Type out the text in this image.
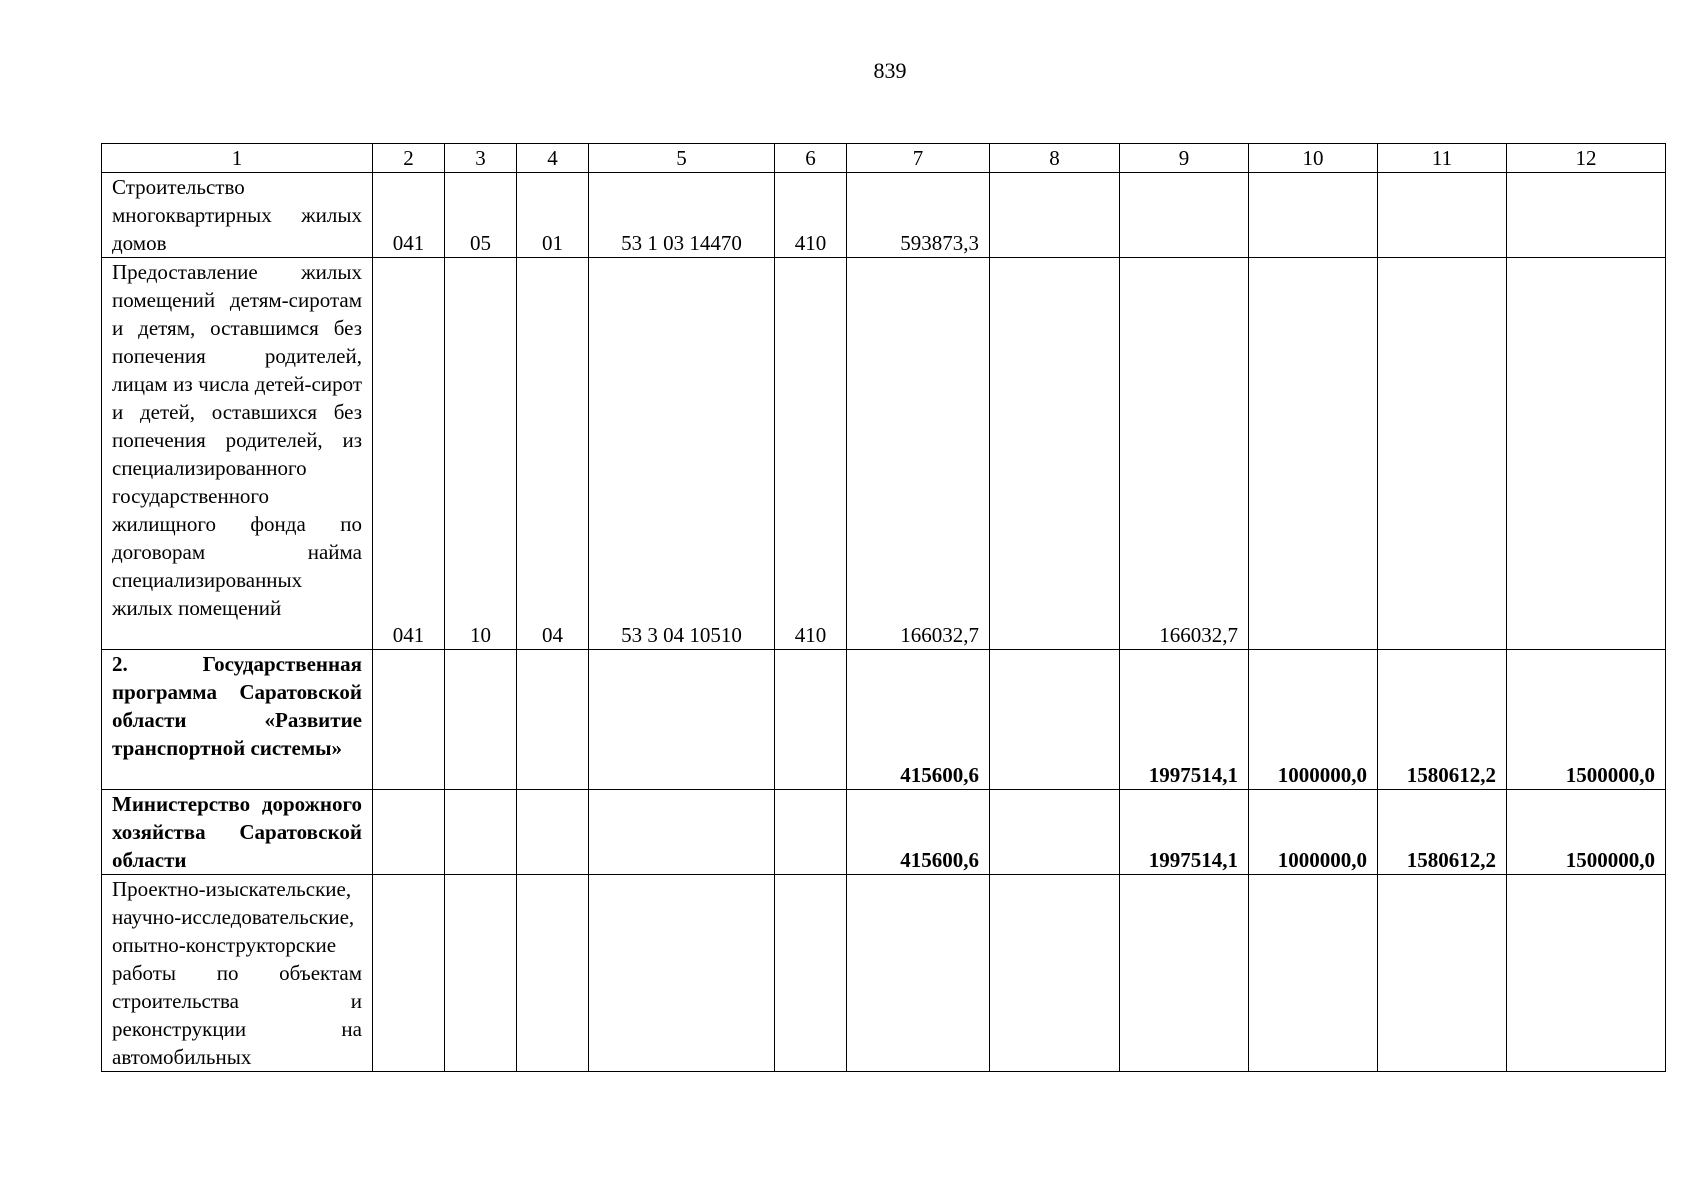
839
1	2	3	4	5	6	7	8	9	10	11	12

Строительство многоквартирных жилых домов	041	05	01	53 1 03 14470	410	593873,3					

Предоставление жилых помещений детям-сиротам и детям, оставшимся без попечения родителей, лицам из числа детей-сирот и детей, оставшихся без попечения родителей, из специализированного государственного жилищного фонда по договорам найма специализированных жилых помещений	041	10	04	53 3 04 10510	410	166032,7		166032,7			

2. Государственная программа Саратовской области «Развитие транспортной системы»						415600,6		1997514,1	1000000,0	1580612,2	1500000,0

Министерство дорожного хозяйства Саратовской области						415600,6		1997514,1	1000000,0	1580612,2	1500000,0

Проектно-изыскательские, научно-исследовательские, опытно-конструкторские работы по объектам строительства и реконструкции на автомобильных											
